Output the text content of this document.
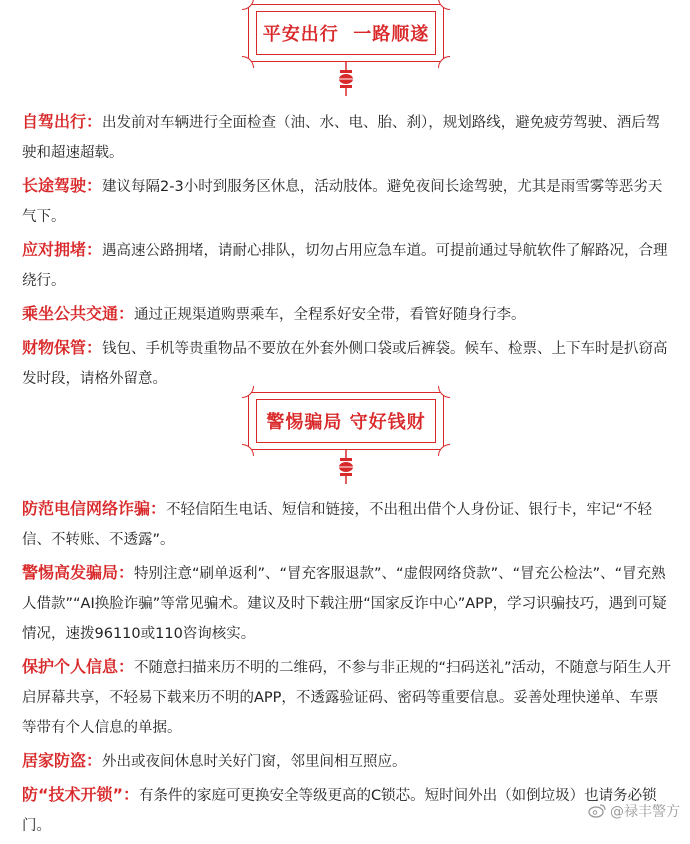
平安出行  一路顺遂

自驾出行：出发前对车辆进行全面检查（油、水、电、胎、刹），规划路线，避免疲劳驾驶、酒后驾驶和超速超载。

长途驾驶：建议每隔2-3小时到服务区休息，活动肢体。避免夜间长途驾驶，尤其是雨雪雾等恶劣天气下。

应对拥堵：遇高速公路拥堵，请耐心排队，切勿占用应急车道。可提前通过导航软件了解路况，合理绕行。

乘坐公共交通：通过正规渠道购票乘车，全程系好安全带，看管好随身行李。

财物保管：钱包、手机等贵重物品不要放在外套外侧口袋或后裤袋。候车、检票、上下车时是扒窃高发时段，请格外留意。

警惕骗局 守好钱财

防范电信网络诈骗：不轻信陌生电话、短信和链接，不出租出借个人身份证、银行卡，牢记“不轻信、不转账、不透露”。

警惕高发骗局：特别注意“刷单返利”、“冒充客服退款”、“虚假网络贷款”、“冒充公检法”、“冒充熟人借款”“AI换脸诈骗”等常见骗术。建议及时下载注册“国家反诈中心”APP，学习识骗技巧，遇到可疑情况，速拨96110或110咨询核实。

保护个人信息：不随意扫描来历不明的二维码，不参与非正规的“扫码送礼”活动，不随意与陌生人开启屏幕共享，不轻易下载来历不明的APP，不透露验证码、密码等重要信息。妥善处理快递单、车票等带有个人信息的单据。

居家防盗：外出或夜间休息时关好门窗，邻里间相互照应。

防“技术开锁”：有条件的家庭可更换安全等级更高的C锁芯。短时间外出（如倒垃圾）也请务必锁门。

@禄丰警方
